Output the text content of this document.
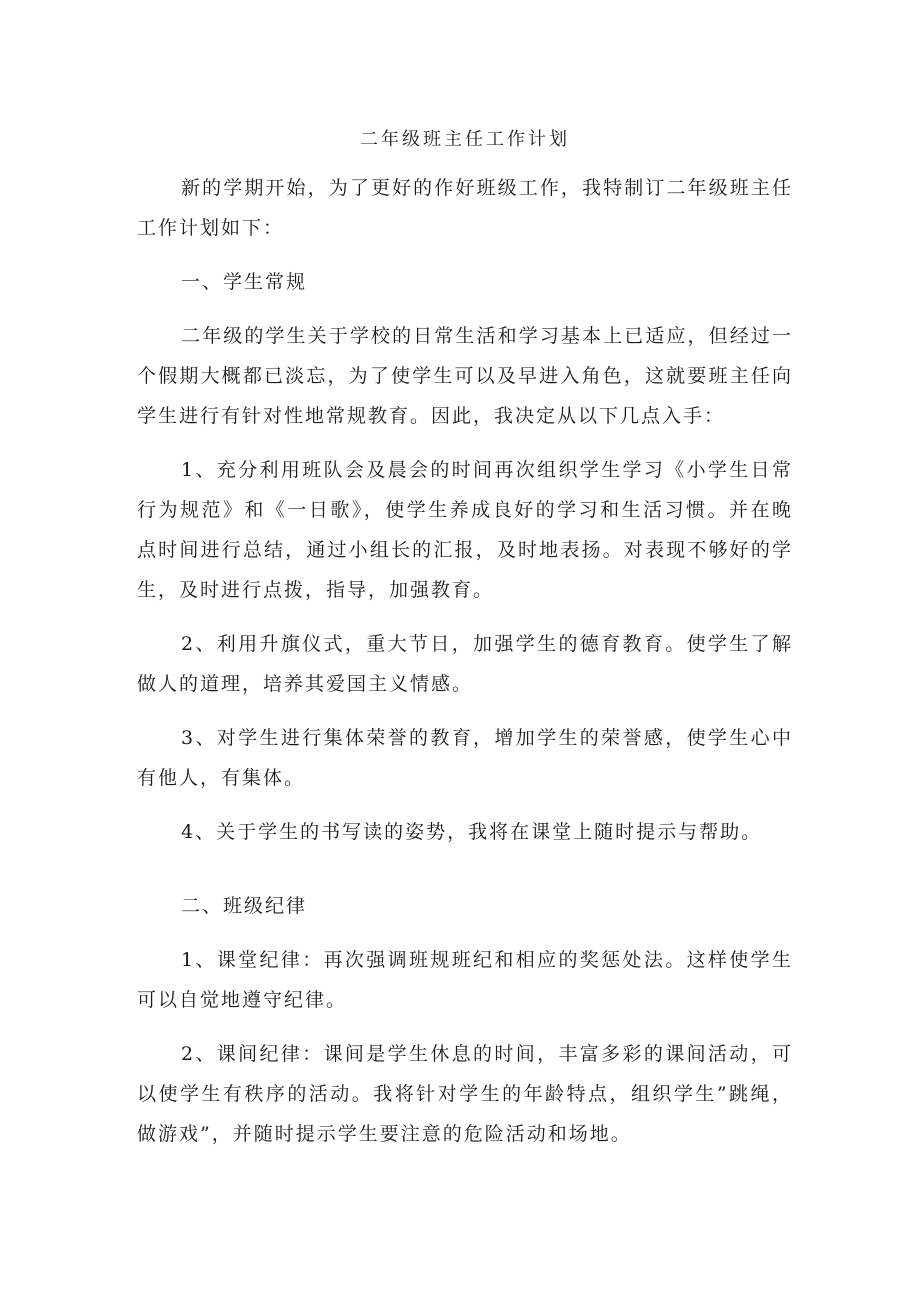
二年级班主任工作计划

新的学期开始，为了更好的作好班级工作，我特制订二年级班主任工作计划如下：

一、学生常规

二年级的学生关于学校的日常生活和学习基本上已适应，但经过一个假期大概都已淡忘，为了使学生可以及早进入角色，这就要班主任向学生进行有针对性地常规教育。因此，我决定从以下几点入手：

1、充分利用班队会及晨会的时间再次组织学生学习《小学生日常行为规范》和《一日歌》，使学生养成良好的学习和生活习惯。并在晚点时间进行总结，通过小组长的汇报，及时地表扬。对表现不够好的学生，及时进行点拨，指导，加强教育。

2、利用升旗仪式，重大节日，加强学生的德育教育。使学生了解做人的道理，培养其爱国主义情感。

3、对学生进行集体荣誉的教育，增加学生的荣誉感，使学生心中有他人，有集体。

4、关于学生的书写读的姿势，我将在课堂上随时提示与帮助。

二、班级纪律

1、课堂纪律：再次强调班规班纪和相应的奖惩处法。这样使学生可以自觉地遵守纪律。

2、课间纪律：课间是学生休息的时间，丰富多彩的课间活动，可以使学生有秩序的活动。我将针对学生的年龄特点，组织学生”跳绳，做游戏”，并随时提示学生要注意的危险活动和场地。
